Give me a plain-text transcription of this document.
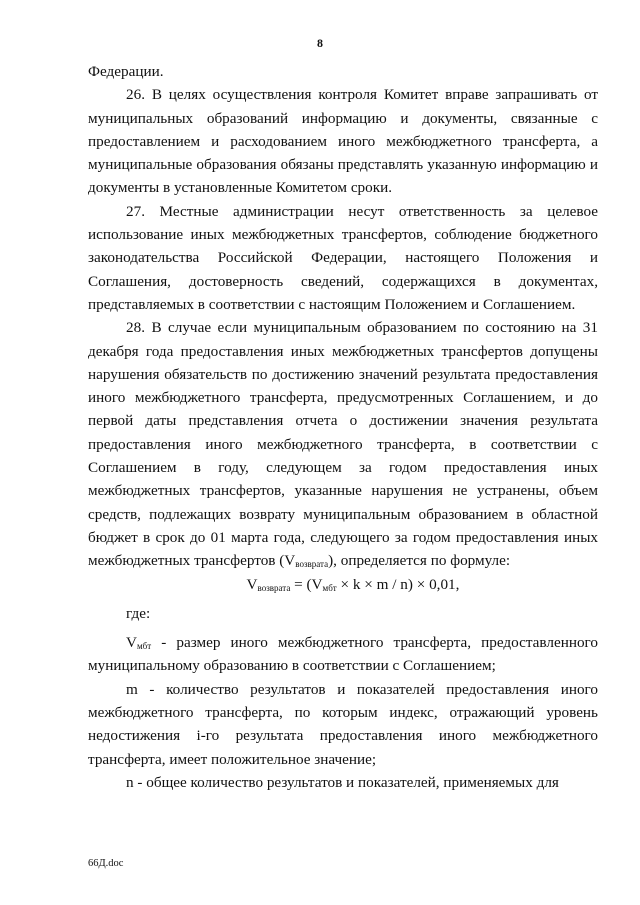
8

Федерации.

26. В целях осуществления контроля Комитет вправе запрашивать от муниципальных образований информацию и документы, связанные с предоставлением и расходованием иного межбюджетного трансферта, а муниципальные образования обязаны представлять указанную информацию и документы в установленные Комитетом сроки.

27. Местные администрации несут ответственность за целевое использование иных межбюджетных трансфертов, соблюдение бюджетного законодательства Российской Федерации, настоящего Положения и Соглашения, достоверность сведений, содержащихся в документах, представляемых в соответствии с настоящим Положением и Соглашением.

28. В случае если муниципальным образованием по состоянию на 31 декабря года предоставления иных межбюджетных трансфертов допущены нарушения обязательств по достижению значений результата предоставления иного межбюджетного трансферта, предусмотренных Соглашением, и до первой даты представления отчета о достижении значения результата предоставления иного межбюджетного трансферта, в соответствии с Соглашением в году, следующем за годом предоставления иных межбюджетных трансфертов, указанные нарушения не устранены, объем средств, подлежащих возврату муниципальным образованием в областной бюджет в срок до 01 марта года, следующего за годом предоставления иных межбюджетных трансфертов $(V_{возврата})$, определяется по формуле:

$V_{возврата} = (V_{мбт} \times k \times m / n) \times 0,01$,

где:

$V_{мбт}$ - размер иного межбюджетного трансферта, предоставленного муниципальному образованию в соответствии с Соглашением;

m - количество результатов и показателей предоставления иного межбюджетного трансферта, по которым индекс, отражающий уровень недостижения i-го результата предоставления иного межбюджетного трансферта, имеет положительное значение;

n - общее количество результатов и показателей, применяемых для

66Д.doc
